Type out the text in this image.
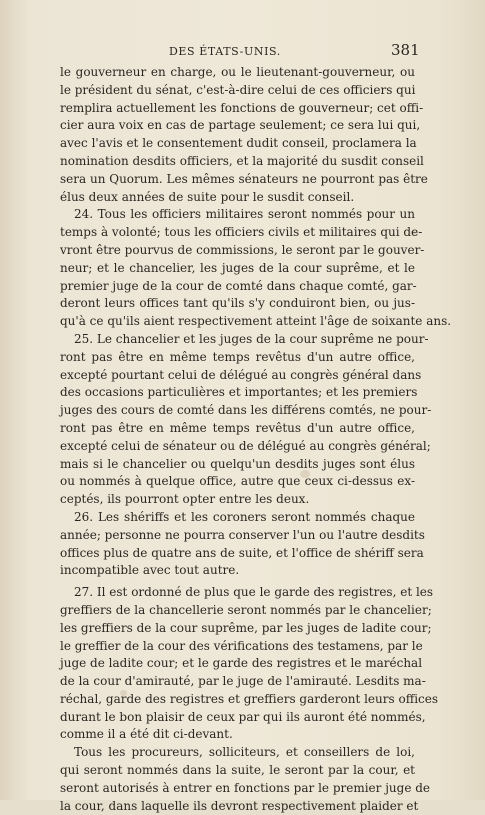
DES ÉTATS-UNIS.	381
le gouverneur en charge, ou le lieutenant-gouverneur, ou
le président du sénat, c'est-à-dire celui de ces officiers qui
remplira actuellement les fonctions de gouverneur; cet offi-
cier aura voix en cas de partage seulement; ce sera lui qui,
avec l'avis et le consentement dudit conseil, proclamera la
nomination desdits officiers, et la majorité du susdit conseil
sera un Quorum. Les mêmes sénateurs ne pourront pas être
élus deux années de suite pour le susdit conseil.
24. Tous les officiers militaires seront nommés pour un
temps à volonté; tous les officiers civils et militaires qui de-
vront être pourvus de commissions, le seront par le gouver-
neur; et le chancelier, les juges de la cour suprême, et le
premier juge de la cour de comté dans chaque comté, gar-
deront leurs offices tant qu'ils s'y conduiront bien, ou jus-
qu'à ce qu'ils aient respectivement atteint l'âge de soixante ans.
25. Le chancelier et les juges de la cour suprême ne pour-
ront pas être en même temps revêtus d'un autre office,
excepté pourtant celui de délégué au congrès général dans
des occasions particulières et importantes; et les premiers
juges des cours de comté dans les différens comtés, ne pour-
ront pas être en même temps revêtus d'un autre office,
excepté celui de sénateur ou de délégué au congrès général;
mais si le chancelier ou quelqu'un desdits juges sont élus
ou nommés à quelque office, autre que ceux ci-dessus ex-
ceptés, ils pourront opter entre les deux.
26. Les shériffs et les coroners seront nommés chaque
année; personne ne pourra conserver l'un ou l'autre desdits
offices plus de quatre ans de suite, et l'office de shériff sera
incompatible avec tout autre.
27. Il est ordonné de plus que le garde des registres, et les
greffiers de la chancellerie seront nommés par le chancelier;
les greffiers de la cour suprême, par les juges de ladite cour;
le greffier de la cour des vérifications des testamens, par le
juge de ladite cour; et le garde des registres et le maréchal
de la cour d'amirauté, par le juge de l'amirauté. Lesdits ma-
réchal, garde des registres et greffiers garderont leurs offices
durant le bon plaisir de ceux par qui ils auront été nommés,
comme il a été dit ci-devant.
Tous les procureurs, solliciteurs, et conseillers de loi,
qui seront nommés dans la suite, le seront par la cour, et
seront autorisés à entrer en fonctions par le premier juge de
la cour, dans laquelle ils devront respectivement plaider et
